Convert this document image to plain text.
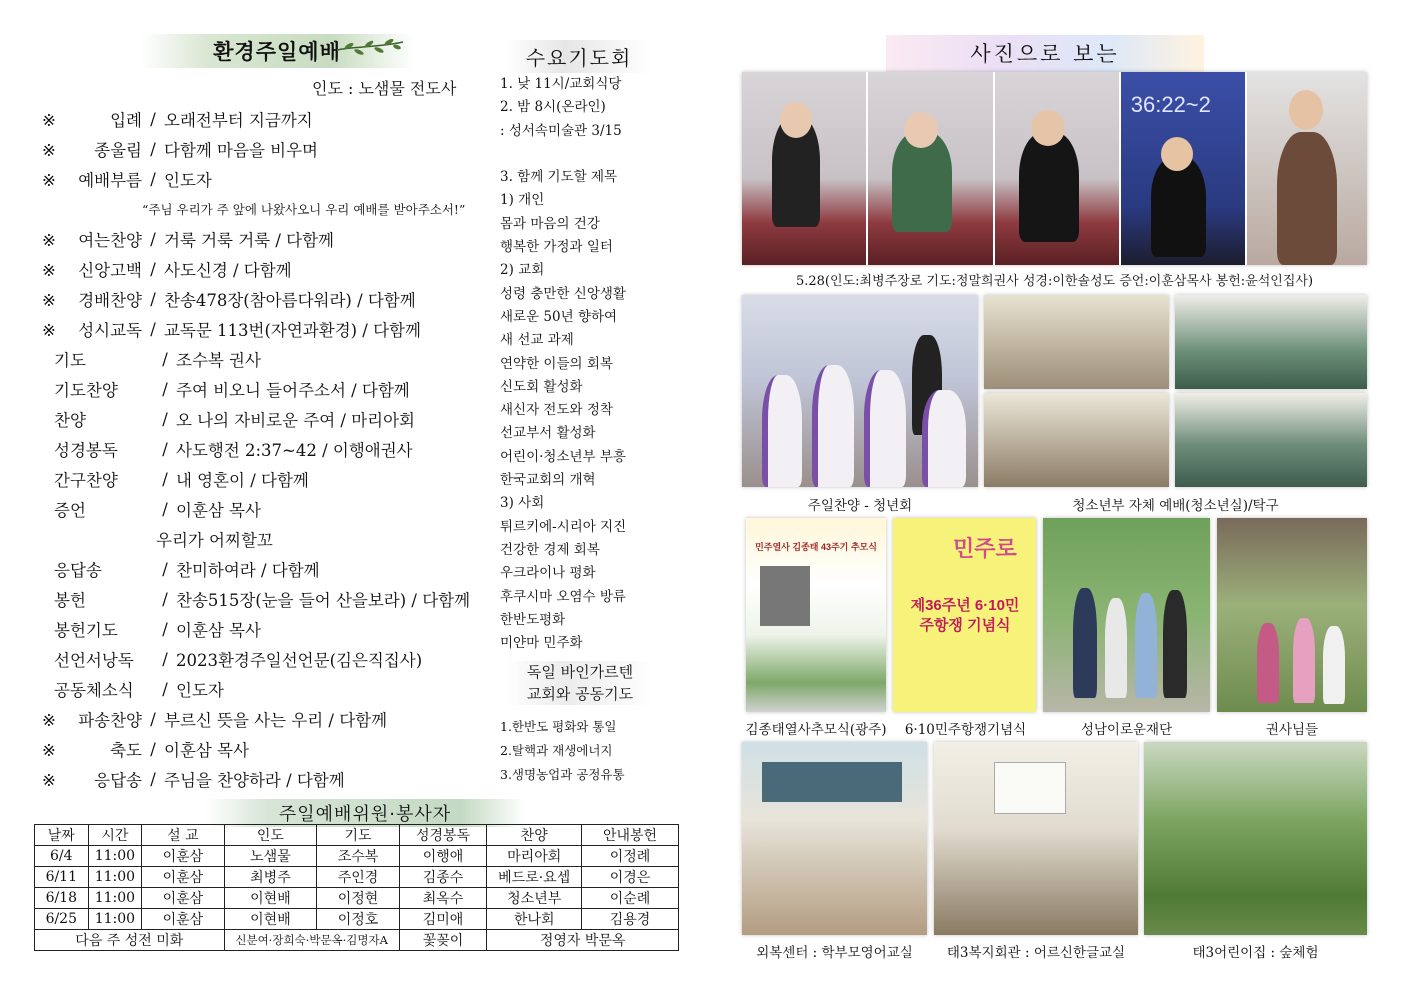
환경주일예배
인도 : 노샘물 전도사
※ 입례 / 오래전부터 지금까지
※ 종울림 / 다함께 마음을 비우며
※ 예배부름 / 인도자
“주님 우리가 주 앞에 나왔사오니 우리 예배를 받아주소서!”
※ 여는찬양 / 거룩 거룩 거룩 / 다함께
※ 신앙고백 / 사도신경 / 다함께
※ 경배찬양 / 찬송478장(참아름다워라) / 다함께
※ 성시교독 / 교독문 113번(자연과환경) / 다함께
기도	/ 조수복 권사
기도찬양	/ 주여 비오니 들어주소서 / 다함께
찬양	/ 오 나의 자비로운 주여 / 마리아회
성경봉독	/ 사도행전 2:37~42 / 이행애권사
간구찬양	/ 내 영혼이 / 다함께
증언	/ 이훈삼 목사
우리가 어찌할꼬
응답송	/ 찬미하여라 / 다함께
봉헌	/ 찬송515장(눈을 들어 산을보라) / 다함께
봉헌기도	/ 이훈삼 목사
선언서낭독	/ 2023환경주일선언문(김은직집사)
공동체소식	/ 인도자
※ 파송찬양 / 부르신 뜻을 사는 우리 / 다함께
※ 축도 / 이훈삼 목사
※ 응답송 / 주님을 찬양하라 / 다함께
수요기도회
1. 낮 11시/교회식당
2. 밤 8시(온라인)
: 성서속미술관 3/15
3. 함께 기도할 제목
1) 개인
몸과 마음의 건강
행복한 가정과 일터
2) 교회
성령 충만한 신앙생활
새로운 50년 향하여
새 선교 과제
연약한 이들의 회복
신도회 활성화
새신자 전도와 정착
선교부서 활성화
어린이·청소년부 부흥
한국교회의 개혁
3) 사회
튀르키에-시리아 지진
건강한 경제 회복
우크라이나 평화
후쿠시마 오염수 방류
한반도평화
미얀마 민주화
독일 바인가르텐
교회와 공동기도
1.한반도 평화와 통일
2.탈핵과 재생에너지
3.생명농업과 공정유통
주일예배위원·봉사자
날짜	시간	설 교	인도	기도	성경봉독	찬양	안내봉헌
6/4	11:00	이훈삼	노샘물	조수복	이행애	마리아회	이정례
6/11	11:00	이훈삼	최병주	주인경	김종수	베드로·요셉	이경은
6/18	11:00	이훈삼	이현배	이정현	최옥수	청소년부	이순례
6/25	11:00	이훈삼	이현배	이정호	김미애	한나회	김용경
다음 주 성전 미화			신분여·장희숙·박문옥·김명자A		꽃꽂이	정영자 박문옥	
사진으로 보는
36:22~2
5.28(인도:최병주장로 기도:정말희권사 성경:이한솔성도 증언:이훈삼목사 봉헌:윤석인집사)
주일찬양 - 청년회	청소년부 자체 예배(청소년실)/탁구
민주열사 김종태 43주기 추모식	민주로
제36주년 6·10민주항쟁 기념식
김종태열사추모식(광주)	6·10민주항쟁기념식	성남이로운재단	권사님들
외복센터 : 학부모영어교실	태3복지회관 : 어르신한글교실	태3어린이집 : 숲체험
